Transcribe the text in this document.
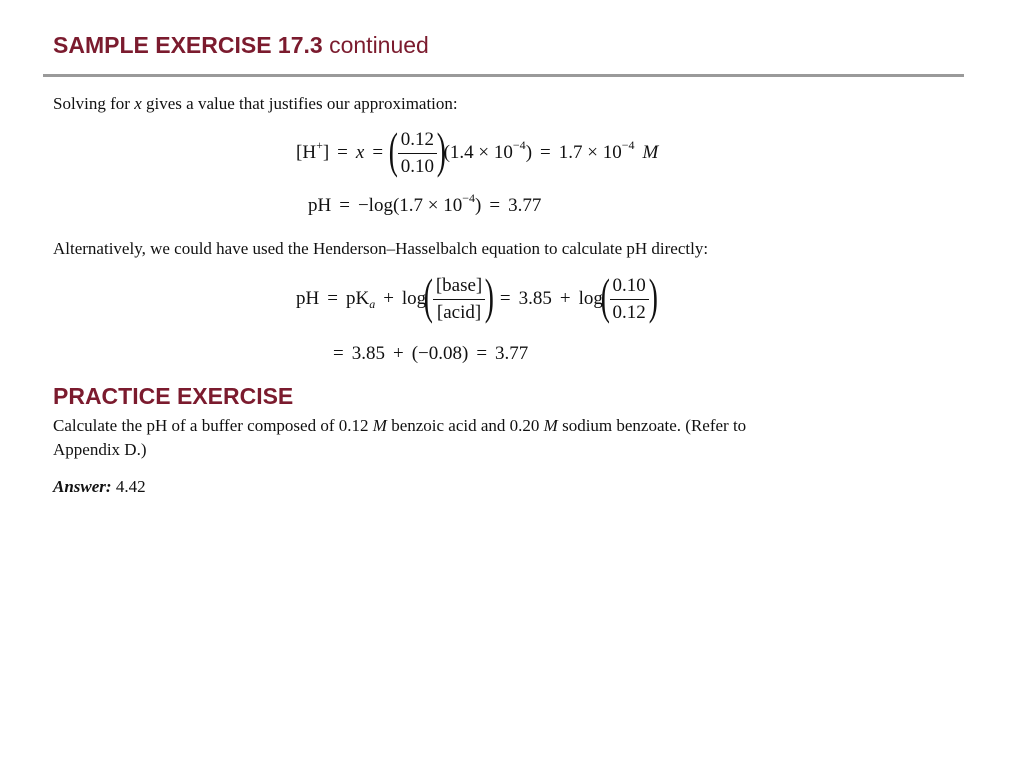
SAMPLE EXERCISE 17.3 continued
Solving for x gives a value that justifies our approximation:
[H + ] = x = ( $\frac{0.12}{0.10}$ )
(1.4 × 10 −4 ) = 1.7 × 10 −4 M
pH = −log(1.7 × 10 −4 ) = 3.77
Alternatively, we could have used the Henderson–Hasselbalch equation to calculate pH directly:
pH = pK a + log
( $\frac{\text{[base]}}{\text{[acid]}}$ ) = 3.85 + log
( $\frac{0.10}{0.12}$ )
= 3.85 + (−0.08) = 3.77
PRACTICE EXERCISE
Calculate the pH of a buffer composed of 0.12 M benzoic acid and 0.20 M sodium benzoate. (Refer to
Appendix D.)
Answer: 4.42
